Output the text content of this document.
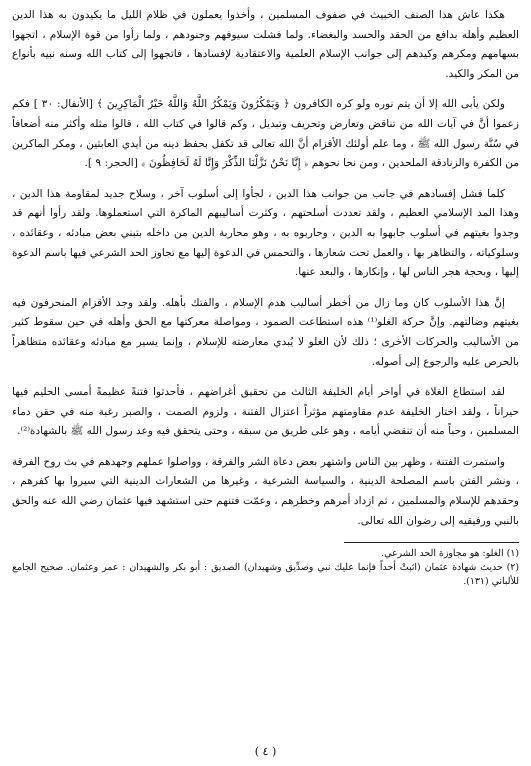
هكذا عاش هذا الصنف الخبيث في صفوف المسلمين ، وأخذوا يعملون في ظلام الليل ما يكيدون به هذا الدين العظيم وأهله بدافع من الحقد والحسد والبغضاء. ولما فشلت سيوفهم وجنودهم ، ولما رأوا من قوة الإسلام ، اتجهوا بسهامهم ومكرهم وكيدهم إلى جوانب الإسلام العلمية والاعتقادية لإفسادها ، فاتجهوا إلى كتاب الله وسنه نبيه بأنواع من المكر والكيد.

ولكن يأبى الله إلا أن يتم نوره ولو كره الكافرون ﴿ وَيَمْكُرُونَ وَيَمْكُرُ اللَّهُ وَاللَّهُ خَيْرُ الْمَاكِرِينَ ﴾ [الأنفال: ٣٠ ] فكم زعموا أنَّ في آيات الله من تناقض وتعارض وتحريف وتبديل ، وكم قالوا في كتاب الله ، قالوا مثله وأكثر منه أضعافاً في سُنَّة رسول الله ﷺ ، وما علم أولئك الأقزام أنَّ الله تعالى قد تكفل بحفظ دينه من أيدي العابثين ، ومكر الماكرين من الكفرة والزنادقة الملحدين ، ومن نحا نحوهم ﴿ إِنَّا نَحْنُ نَزَّلْنَا الذِّكْرَ وَإِنَّا لَهُ لَحَافِظُونَ ﴾ [الحجر: ٩ ].

كلما فشل إفسادهم في جانب من جوانب هذا الدين ، لجأوا إلى أسلوب آخر ، وسلاح جديد لمقاومة هذا الدين ، وهذا المد الإسلامي العظيم ، ولقد تعددت أسلحتهم ، وكثرت أساليبهم الماكرة التي استعملوها. ولقد رأوا أنهم قد وجدوا بغيتهم في أسلوب جابهوا به الدين ، وحاربوه به ، وهو محاربة الدين من داخله بتبني بعض مبادئه ، وعقائده ، وسلوكياته ، والتظاهر بها ، والعمل تحت شعارها ، والتحمس في الدعوة إليها مع تجاوز الحد الشرعي فيها باسم الدعوة إليها ، وبحجة هجر الناس لها ، وإنكارها ، والبعد عنها.

إنَّ هذا الأسلوب كان وما زال من أخطر أساليب هدم الإسلام ، والفتك بأهله. ولقد وجد الأقزام المنحرفون فيه بغيتهم وضالتهم. وإنَّ حركة الغلو⁽¹⁾ هذه استطاعت الصمود ، ومواصلة معركتها مع الحق وأهله في حين سقوط كثير من الأساليب والحركات الأخرى ؛ ذلك لأن الغلو لا يُبدي معارضته للإسلام ، وإنما يسير مع مبادئه وعقائده متظاهراً بالحرص عليه والرجوع إلى أصوله.

لقد استطاع الغلاة في أواخر أيام الخليفة الثالث من تحقيق أغراضهم ، فأحدثوا فتنةً عظيمةً أمسى الحليم فيها حيراناً ، ولقد اختار الخليفة عدم مقاومتهم مؤثراً اعتزال الفتنة ، ولزوم الصمت ، والصبر رغبة منه في حقن دماء المسلمين ، وحباً منه أن تنقضي أيامه ، وهو على طريق من سبقه ، وحتى يتحقق فيه وعد رسول الله ﷺ بالشهادة⁽²⁾.

واستمرت الفتنة ، وظهر بين الناس واشتهر بعض دعاة الشر والفرقة ، وواصلوا عملهم وجهدهم في بث روح الفرقة ، ونشر الفتن باسم المصلحة الدينية ، والسياسة الشرعية ، وغيرها من الشعارات الدينية التي سيروا بها كفرهم ، وحقدهم للإسلام والمسلمين ، ثم ازداد أمرهم وخطرهم ، وعمّت فتنهم حتى استشهد فيها عثمان رضي الله عنه والحق بالنبي ورفيقيه إلى رضوان الله تعالى.

(١) الغلو: هو مجاوزة الحد الشرعي.

(٢) حديث شهادة عثمان (اثبتْ أحداً فإنما عليك نبي وصدِّيق وشهيدان) الصديق : أبو بكر والشهيدان : عمر وعثمان. صحيح الجامع للألباني (١٣١).

( ٤ )
